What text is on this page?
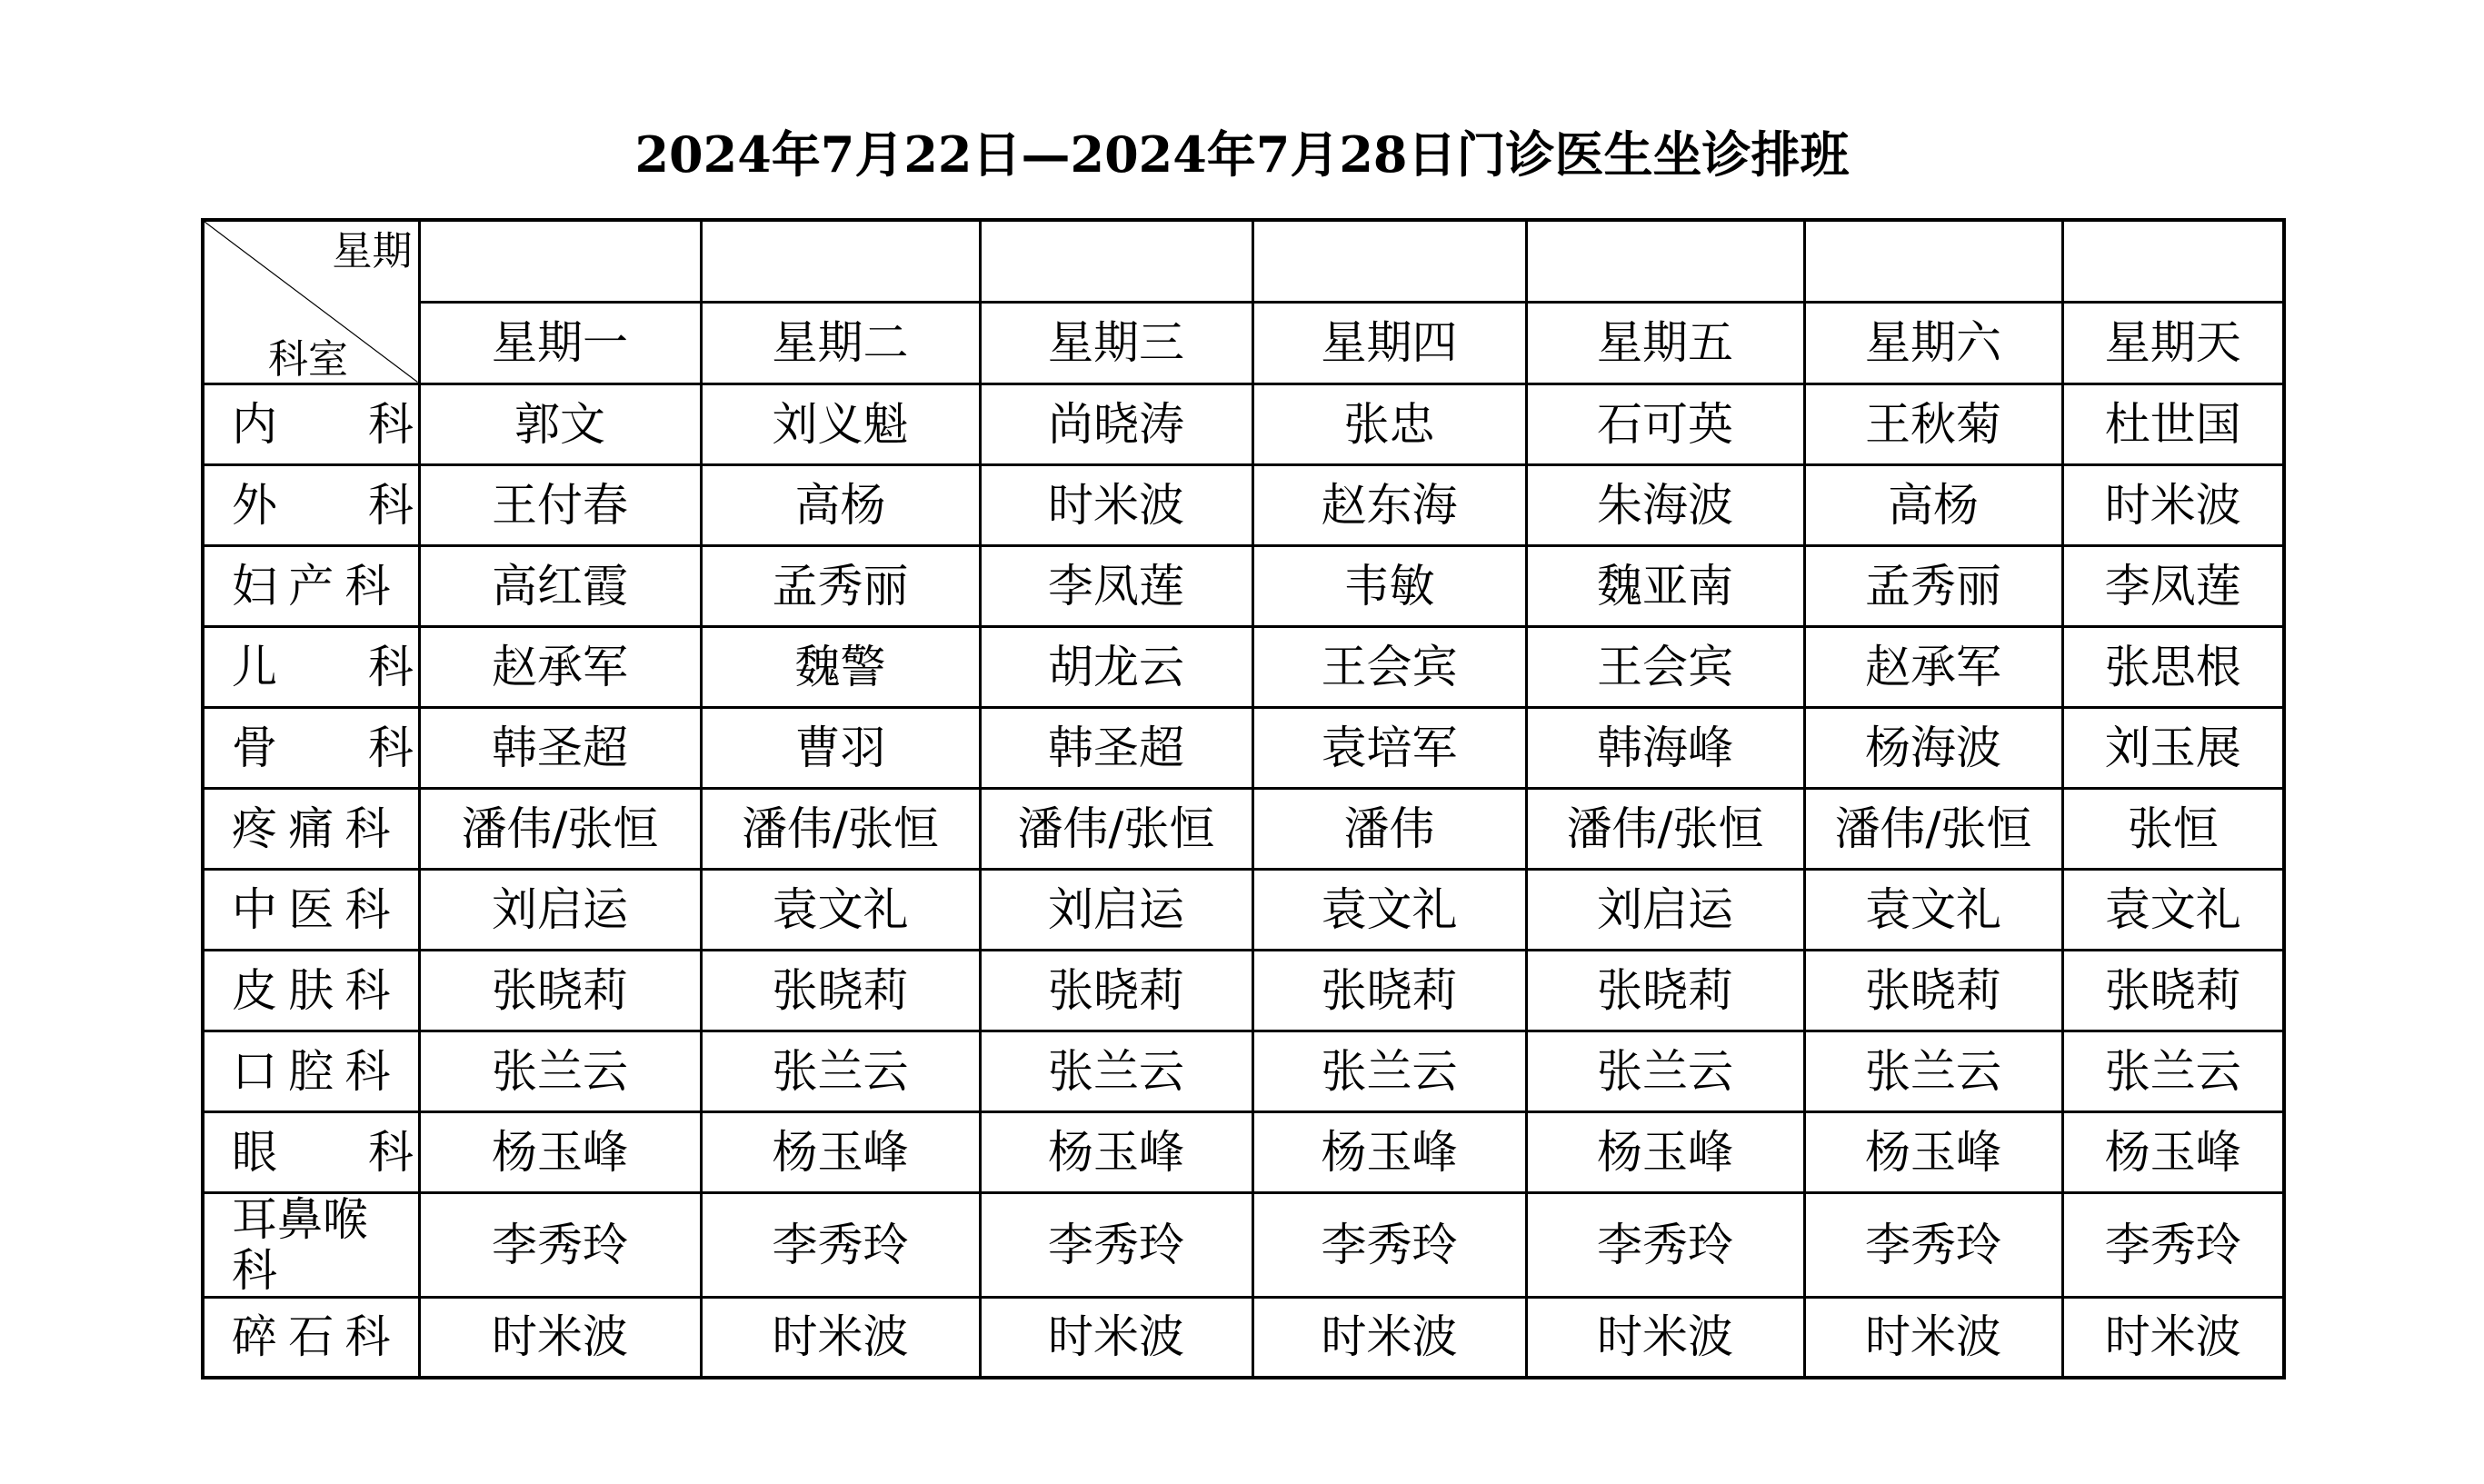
2024年7月22日—2024年7月28日门诊医生坐诊排班
星期
科室							

	星期一	星期二	星期三	星期四	星期五	星期六	星期天
内　　科	郭文	刘义魁	尚晓涛	张忠	石可英	王秋菊	杜世国
外　　科	王付春	高杨	时米波	赵东海	朱海波	高杨	时米波
妇产科	高红霞	孟秀丽	李凤莲	韦敏	魏亚南	孟秀丽	李凤莲
儿　　科	赵承军	魏警	胡龙云	王会宾	王会宾	赵承军	张思根
骨　　科	韩圣超	曹羽	韩圣超	袁培军	韩海峰	杨海波	刘玉展
疼痛科	潘伟/张恒	潘伟/张恒	潘伟/张恒	潘伟	潘伟/张恒	潘伟/张恒	张恒
中医科	刘启运	袁文礼	刘启运	袁文礼	刘启运	袁文礼	袁文礼
皮肤科	张晓莉	张晓莉	张晓莉	张晓莉	张晓莉	张晓莉	张晓莉
口腔科	张兰云	张兰云	张兰云	张兰云	张兰云	张兰云	张兰云
眼　　科	杨玉峰	杨玉峰	杨玉峰	杨玉峰	杨玉峰	杨玉峰	杨玉峰
耳鼻喉科	李秀玲	李秀玲	李秀玲	李秀玲	李秀玲	李秀玲	李秀玲
碎石科	时米波	时米波	时米波	时米波	时米波	时米波	时米波
